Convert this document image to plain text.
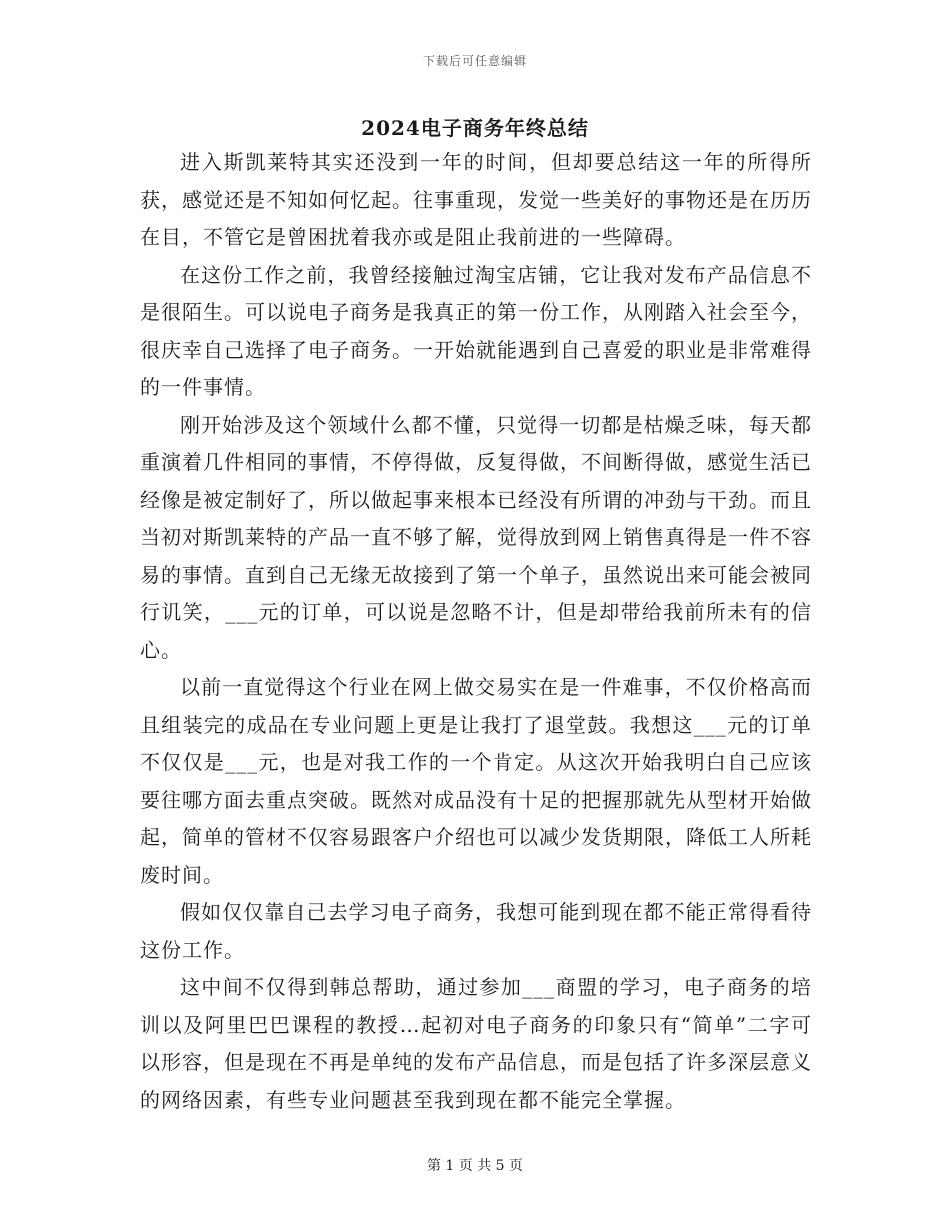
下载后可任意编辑
2024电子商务年终总结

进入斯凯莱特其实还没到一年的时间，但却要总结这一年的所得所获，感觉还是不知如何忆起。往事重现，发觉一些美好的事物还是在历历在目，不管它是曾困扰着我亦或是阻止我前进的一些障碍。

在这份工作之前，我曾经接触过淘宝店铺，它让我对发布产品信息不是很陌生。可以说电子商务是我真正的第一份工作，从刚踏入社会至今，很庆幸自己选择了电子商务。一开始就能遇到自己喜爱的职业是非常难得的一件事情。

刚开始涉及这个领域什么都不懂，只觉得一切都是枯燥乏味，每天都重演着几件相同的事情，不停得做，反复得做，不间断得做，感觉生活已经像是被定制好了，所以做起事来根本已经没有所谓的冲劲与干劲。而且当初对斯凯莱特的产品一直不够了解，觉得放到网上销售真得是一件不容易的事情。直到自己无缘无故接到了第一个单子，虽然说出来可能会被同行讥笑，___元的订单，可以说是忽略不计，但是却带给我前所未有的信心。

以前一直觉得这个行业在网上做交易实在是一件难事，不仅价格高而且组装完的成品在专业问题上更是让我打了退堂鼓。我想这___元的订单不仅仅是___元，也是对我工作的一个肯定。从这次开始我明白自己应该要往哪方面去重点突破。既然对成品没有十足的把握那就先从型材开始做起，简单的管材不仅容易跟客户介绍也可以减少发货期限，降低工人所耗废时间。

假如仅仅靠自己去学习电子商务，我想可能到现在都不能正常得看待这份工作。

这中间不仅得到韩总帮助，通过参加___商盟的学习，电子商务的培训以及阿里巴巴课程的教授…起初对电子商务的印象只有“简单”二字可以形容，但是现在不再是单纯的发布产品信息，而是包括了许多深层意义的网络因素，有些专业问题甚至我到现在都不能完全掌握。

第 1 页 共 5 页
